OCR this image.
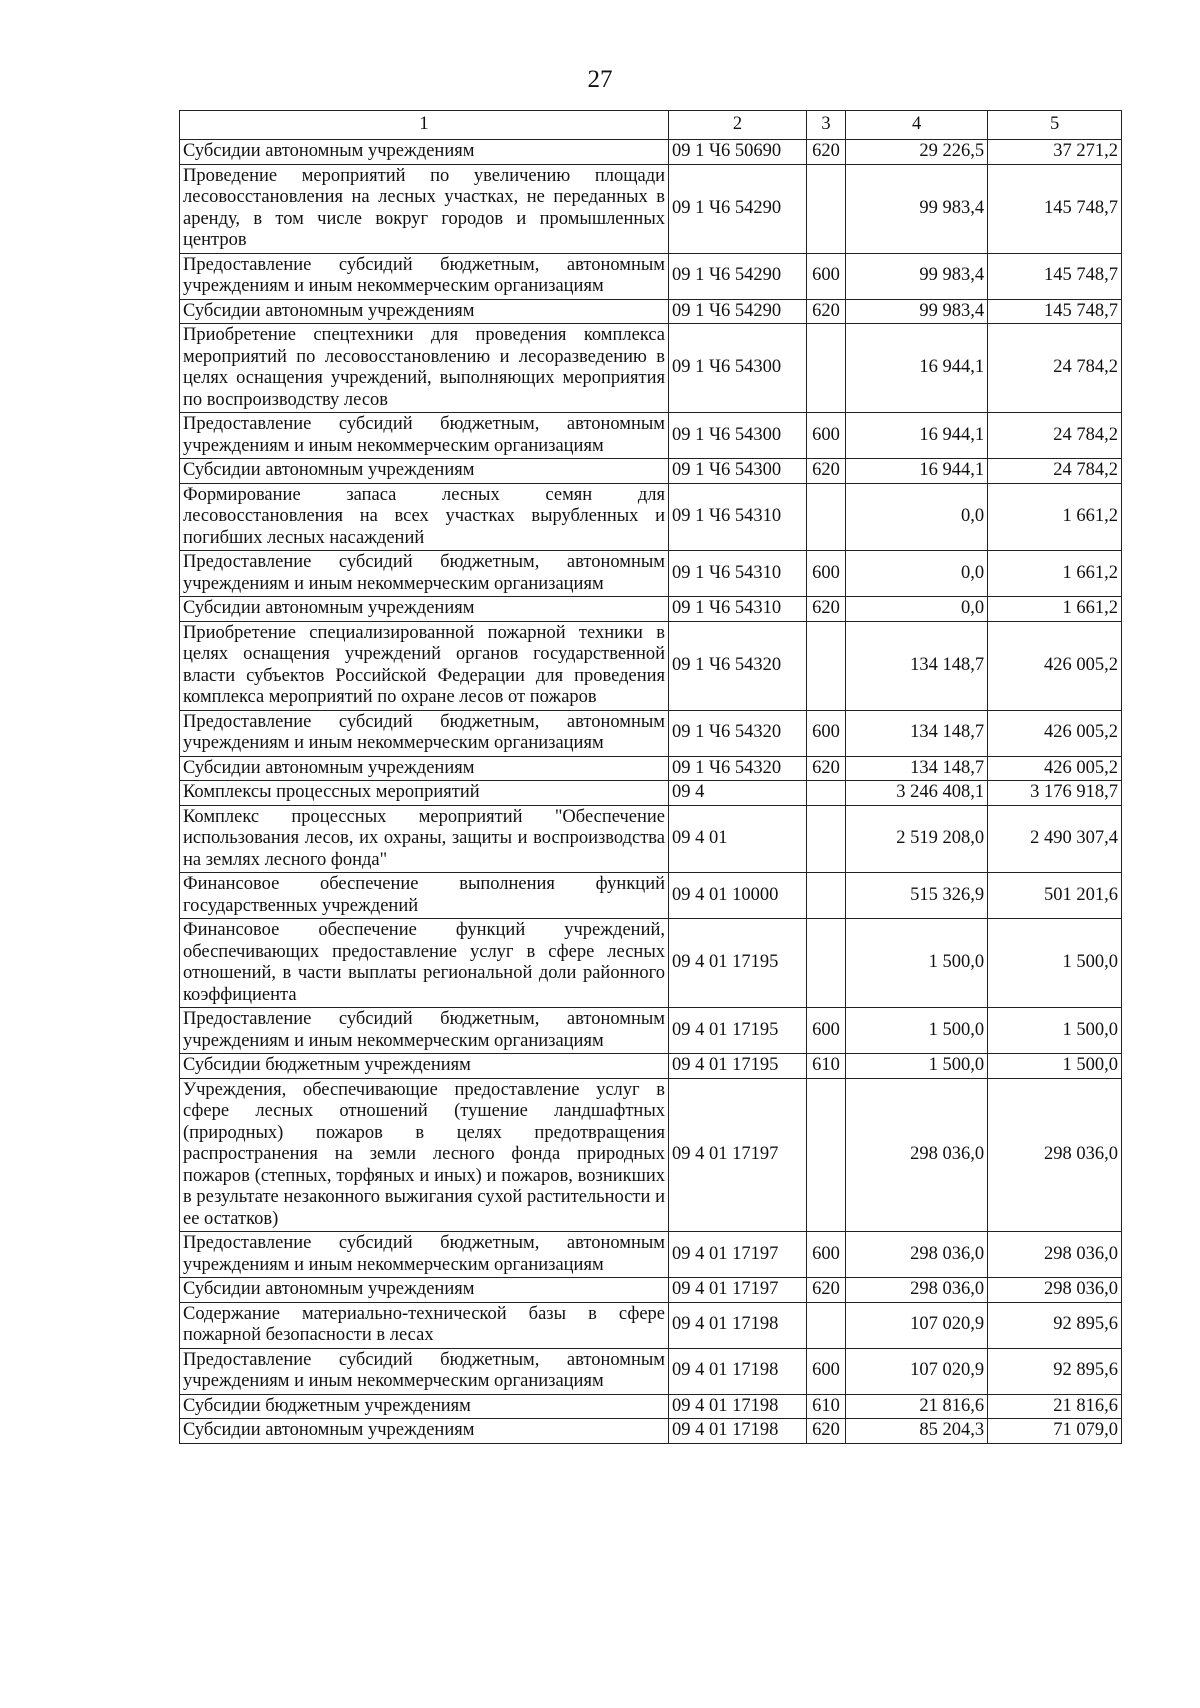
27
1	2	3	4	5
Субсидии автономным учреждениям	09 1 Ч6 50690	620	29 226,5	37 271,2
Проведение мероприятий по увеличению площади лесовосстановления на лесных участках, не переданных в аренду, в том числе вокруг городов и промышленных центров	09 1 Ч6 54290		99 983,4	145 748,7
Предоставление субсидий бюджетным, автономным учреждениям и иным некоммерческим организациям	09 1 Ч6 54290	600	99 983,4	145 748,7
Субсидии автономным учреждениям	09 1 Ч6 54290	620	99 983,4	145 748,7
Приобретение спецтехники для проведения комплекса мероприятий по лесовосстановлению и лесоразведению в целях оснащения учреждений, выполняющих мероприятия по воспроизводству лесов	09 1 Ч6 54300		16 944,1	24 784,2
Предоставление субсидий бюджетным, автономным учреждениям и иным некоммерческим организациям	09 1 Ч6 54300	600	16 944,1	24 784,2
Субсидии автономным учреждениям	09 1 Ч6 54300	620	16 944,1	24 784,2
Формирование запаса лесных семян для лесовосстановления на всех участках вырубленных и погибших лесных насаждений	09 1 Ч6 54310		0,0	1 661,2
Предоставление субсидий бюджетным, автономным учреждениям и иным некоммерческим организациям	09 1 Ч6 54310	600	0,0	1 661,2
Субсидии автономным учреждениям	09 1 Ч6 54310	620	0,0	1 661,2
Приобретение специализированной пожарной техники в целях оснащения учреждений органов государственной власти субъектов Российской Федерации для проведения комплекса мероприятий по охране лесов от пожаров	09 1 Ч6 54320		134 148,7	426 005,2
Предоставление субсидий бюджетным, автономным учреждениям и иным некоммерческим организациям	09 1 Ч6 54320	600	134 148,7	426 005,2
Субсидии автономным учреждениям	09 1 Ч6 54320	620	134 148,7	426 005,2
Комплексы процессных мероприятий	09 4		3 246 408,1	3 176 918,7
Комплекс процессных мероприятий "Обеспечение использования лесов, их охраны, защиты и воспроизводства на землях лесного фонда"	09 4 01		2 519 208,0	2 490 307,4
Финансовое обеспечение выполнения функций государственных учреждений	09 4 01 10000		515 326,9	501 201,6
Финансовое обеспечение функций учреждений, обеспечивающих предоставление услуг в сфере лесных отношений, в части выплаты региональной доли районного коэффициента	09 4 01 17195		1 500,0	1 500,0
Предоставление субсидий бюджетным, автономным учреждениям и иным некоммерческим организациям	09 4 01 17195	600	1 500,0	1 500,0
Субсидии бюджетным учреждениям	09 4 01 17195	610	1 500,0	1 500,0
Учреждения, обеспечивающие предоставление услуг в сфере лесных отношений (тушение ландшафтных (природных) пожаров в целях предотвращения распространения на земли лесного фонда природных пожаров (степных, торфяных и иных) и пожаров, возникших в результате незаконного выжигания сухой растительности и ее остатков)	09 4 01 17197		298 036,0	298 036,0
Предоставление субсидий бюджетным, автономным учреждениям и иным некоммерческим организациям	09 4 01 17197	600	298 036,0	298 036,0
Субсидии автономным учреждениям	09 4 01 17197	620	298 036,0	298 036,0
Содержание материально-технической базы в сфере пожарной безопасности в лесах	09 4 01 17198		107 020,9	92 895,6
Предоставление субсидий бюджетным, автономным учреждениям и иным некоммерческим организациям	09 4 01 17198	600	107 020,9	92 895,6
Субсидии бюджетным учреждениям	09 4 01 17198	610	21 816,6	21 816,6
Субсидии автономным учреждениям	09 4 01 17198	620	85 204,3	71 079,0
